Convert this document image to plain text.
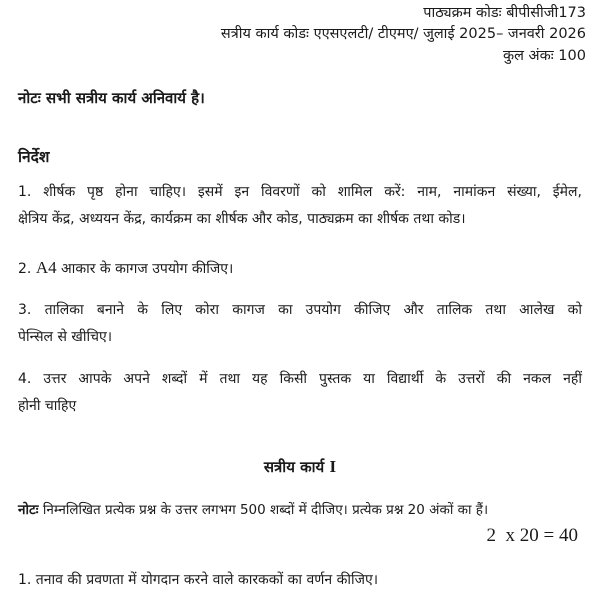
पाठ्यक्रम कोडः बीपीसीजी173
सत्रीय कार्य कोडः एएसएलटी/ टीएमए/ जुलाई 2025– जनवरी 2026
कुल अंकः 100
नोटः सभी सत्रीय कार्य अनिवार्य है।
निर्देश
1. शीर्षक पृष्ठ होना चाहिए। इसमें इन विवरणों को शामिल करें: नाम, नामांकन संख्या, ईमेल,
क्षेत्रिय केंद्र, अध्ययन केंद्र, कार्यक्रम का शीर्षक और कोड, पाठ्यक्रम का शीर्षक तथा कोड।
2. A4 आकार के कागज उपयोग कीजिए।
3. तालिका बनाने के लिए कोरा कागज का उपयोग कीजिए और तालिक तथा आलेख को
पेन्सिल से खीचिए।
4. उत्तर आपके अपने शब्दों में तथा यह किसी पुस्तक या विद्यार्थी के उत्तरों की नकल नहीं
होनी चाहिए
सत्रीय कार्य I
नोटः निम्नलिखित प्रत्येक प्रश्न के उत्तर लगभग 500 शब्दों में दीजिए। प्रत्येक प्रश्न 20 अंकों का हैं।
2  x 20 = 40
1. तनाव की प्रवणता में योगदान करने वाले कारककों का वर्णन कीजिए।
